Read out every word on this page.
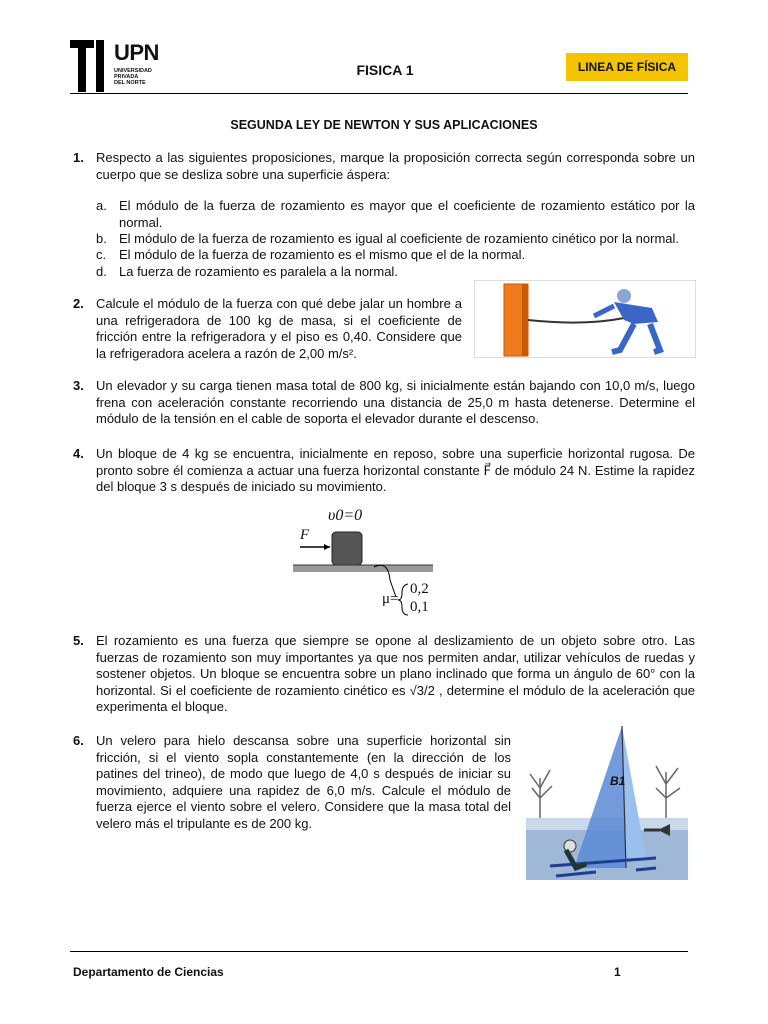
UPN
UNIVERSIDAD
PRIVADA
DEL NORTE
FISICA 1	LINEA DE FÍSICA
SEGUNDA LEY DE NEWTON Y SUS APLICACIONES
1. Respecto a las siguientes proposiciones, marque la proposición correcta según corresponda sobre un cuerpo que se desliza sobre una superficie áspera:
a. El módulo de la fuerza de rozamiento es mayor que el coeficiente de rozamiento estático por la normal.
b. El módulo de la fuerza de rozamiento es igual al coeficiente de rozamiento cinético por la normal.
c. El módulo de la fuerza de rozamiento es el mismo que el de la normal.
d. La fuerza de rozamiento es paralela a la normal.
2. Calcule el módulo de la fuerza con qué debe jalar un hombre a una refrigeradora de 100 kg de masa, si el coeficiente de fricción entre la refrigeradora y el piso es 0,40. Considere que la refrigeradora acelera a razón de 2,00 m/s².
3. Un elevador y su carga tienen masa total de 800 kg, si inicialmente están bajando con 10,0 m/s, luego frena con aceleración constante recorriendo una distancia de 25,0 m hasta detenerse. Determine el módulo de la tensión en el cable de soporta el elevador durante el descenso.
4. Un bloque de 4 kg se encuentra, inicialmente en reposo, sobre una superficie horizontal rugosa. De pronto sobre él comienza a actuar una fuerza horizontal constante F⃗ de módulo 24 N. Estime la rapidez del bloque 3 s después de iniciado su movimiento.
υ0=0
F
μ=
0,2
0,1
5. El rozamiento es una fuerza que siempre se opone al deslizamiento de un objeto sobre otro. Las fuerzas de rozamiento son muy importantes ya que nos permiten andar, utilizar vehículos de ruedas y sostener objetos. Un bloque se encuentra sobre un plano inclinado que forma un ángulo de 60° con la horizontal. Si el coeficiente de rozamiento cinético es √3/2 , determine el módulo de la aceleración que experimenta el bloque.
6. Un velero para hielo descansa sobre una superficie horizontal sin fricción, si el viento sopla constantemente (en la dirección de los patines del trineo), de modo que luego de 4,0 s después de iniciar su movimiento, adquiere una rapidez de 6,0 m/s. Calcule el módulo de fuerza ejerce el viento sobre el velero. Considere que la masa total del velero más el tripulante es de 200 kg.
B1
Departamento de Ciencias	1
